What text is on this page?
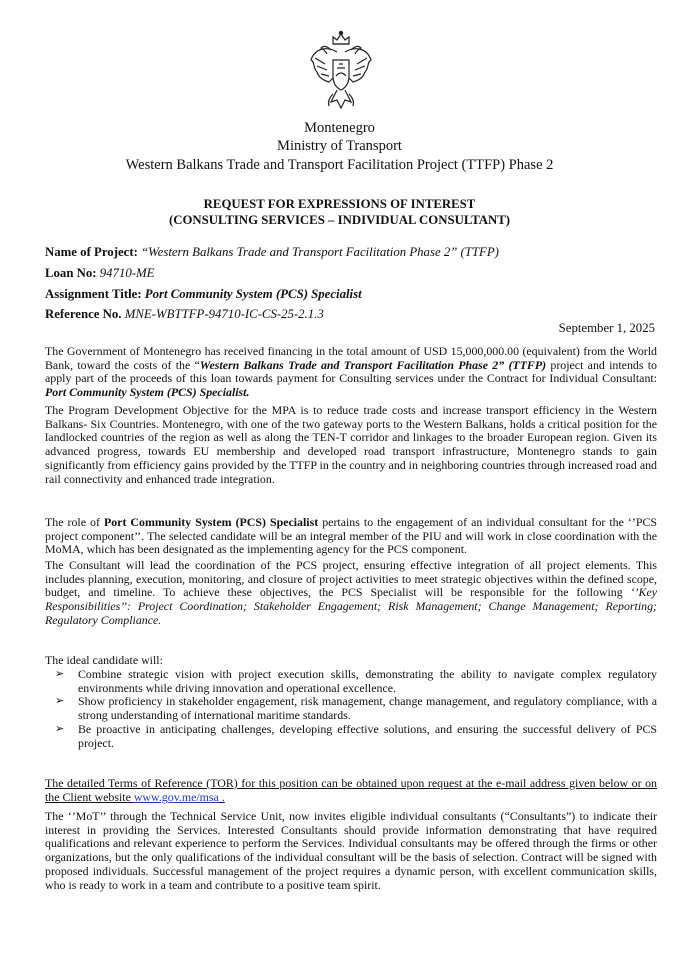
Montenegro
Ministry of Transport
Western Balkans Trade and Transport Facilitation Project (TTFP) Phase 2
REQUEST FOR EXPRESSIONS OF INTEREST
(CONSULTING SERVICES – INDIVIDUAL CONSULTANT)
Name of Project: “Western Balkans Trade and Transport Facilitation Phase 2” (TTFP)
Loan No: 94710-ME
Assignment Title: Port Community System (PCS) Specialist
Reference No. MNE-WBTTFP-94710-IC-CS-25-2.1.3
September 1, 2025
The Government of Montenegro has received financing in the total amount of USD 15,000,000.00 (equivalent) from the World Bank, toward the costs of the “Western Balkans Trade and Transport Facilitation Phase 2” (TTFP) project and intends to apply part of the proceeds of this loan towards payment for Consulting services under the Contract for Individual Consultant: Port Community System (PCS) Specialist.
The Program Development Objective for the MPA is to reduce trade costs and increase transport efficiency in the Western Balkans- Six Countries. Montenegro, with one of the two gateway ports to the Western Balkans, holds a critical position for the landlocked countries of the region as well as along the TEN-T corridor and linkages to the broader European region. Given its advanced progress, towards EU membership and developed road transport infrastructure, Montenegro stands to gain significantly from efficiency gains provided by the TTFP in the country and in neighboring countries through increased road and rail connectivity and enhanced trade integration.
The role of Port Community System (PCS) Specialist pertains to the engagement of an individual consultant for the ‘’PCS project component’’. The selected candidate will be an integral member of the PIU and will work in close coordination with the MoMA, which has been designated as the implementing agency for the PCS component.
The Consultant will lead the coordination of the PCS project, ensuring effective integration of all project elements. This includes planning, execution, monitoring, and closure of project activities to meet strategic objectives within the defined scope, budget, and timeline. To achieve these objectives, the PCS Specialist will be responsible for the following ‘’Key Responsibilities’’: Project Coordination; Stakeholder Engagement; Risk Management; Change Management; Reporting; Regulatory Compliance.
The ideal candidate will:
➢	Combine strategic vision with project execution skills, demonstrating the ability to navigate complex regulatory environments while driving innovation and operational excellence.
➢	Show proficiency in stakeholder engagement, risk management, change management, and regulatory compliance, with a strong understanding of international maritime standards.
➢	Be proactive in anticipating challenges, developing effective solutions, and ensuring the successful delivery of PCS project.
The detailed Terms of Reference (TOR) for this position can be obtained upon request at the e-mail address given below or on the Client website www.gov.me/msa .
The ‘’MoT’’ through the Technical Service Unit, now invites eligible individual consultants (“Consultants”) to indicate their interest in providing the Services. Interested Consultants should provide information demonstrating that have required qualifications and relevant experience to perform the Services. Individual consultants may be offered through the firms or other organizations, but the only qualifications of the individual consultant will be the basis of selection. Contract will be signed with proposed individuals. Successful management of the project requires a dynamic person, with excellent communication skills, who is ready to work in a team and contribute to a positive team spirit.
